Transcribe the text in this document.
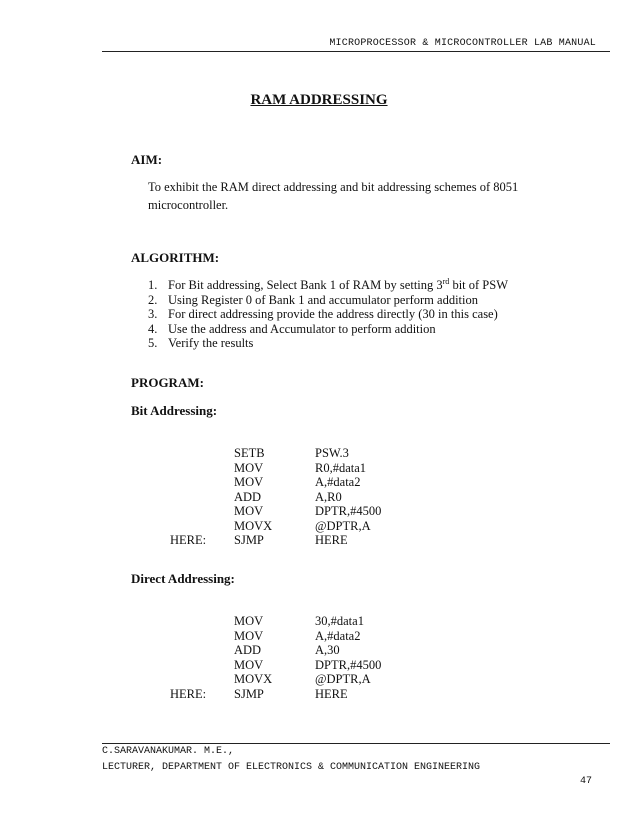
MICROPROCESSOR & MICROCONTROLLER LAB MANUAL
RAM ADDRESSING
AIM:
To exhibit the RAM direct addressing and bit addressing schemes of 8051 microcontroller.
ALGORITHM:
1. For Bit addressing, Select Bank 1 of RAM by setting 3rd bit of PSW
2. Using Register 0 of Bank 1 and accumulator perform addition
3. For direct addressing provide the address directly (30 in this case)
4. Use the address and Accumulator to perform addition
5. Verify the results
PROGRAM:
Bit Addressing:
SETB	PSW.3
MOV	R0,#data1
MOV	A,#data2
ADD	A,R0
MOV	DPTR,#4500
MOVX	@DPTR,A
HERE: SJMP	HERE
Direct Addressing:
MOV	30,#data1
MOV	A,#data2
ADD	A,30
MOV	DPTR,#4500
MOVX	@DPTR,A
HERE: SJMP	HERE
C.SARAVANAKUMAR. M.E.,
LECTURER, DEPARTMENT OF ELECTRONICS & COMMUNICATION ENGINEERING
47
